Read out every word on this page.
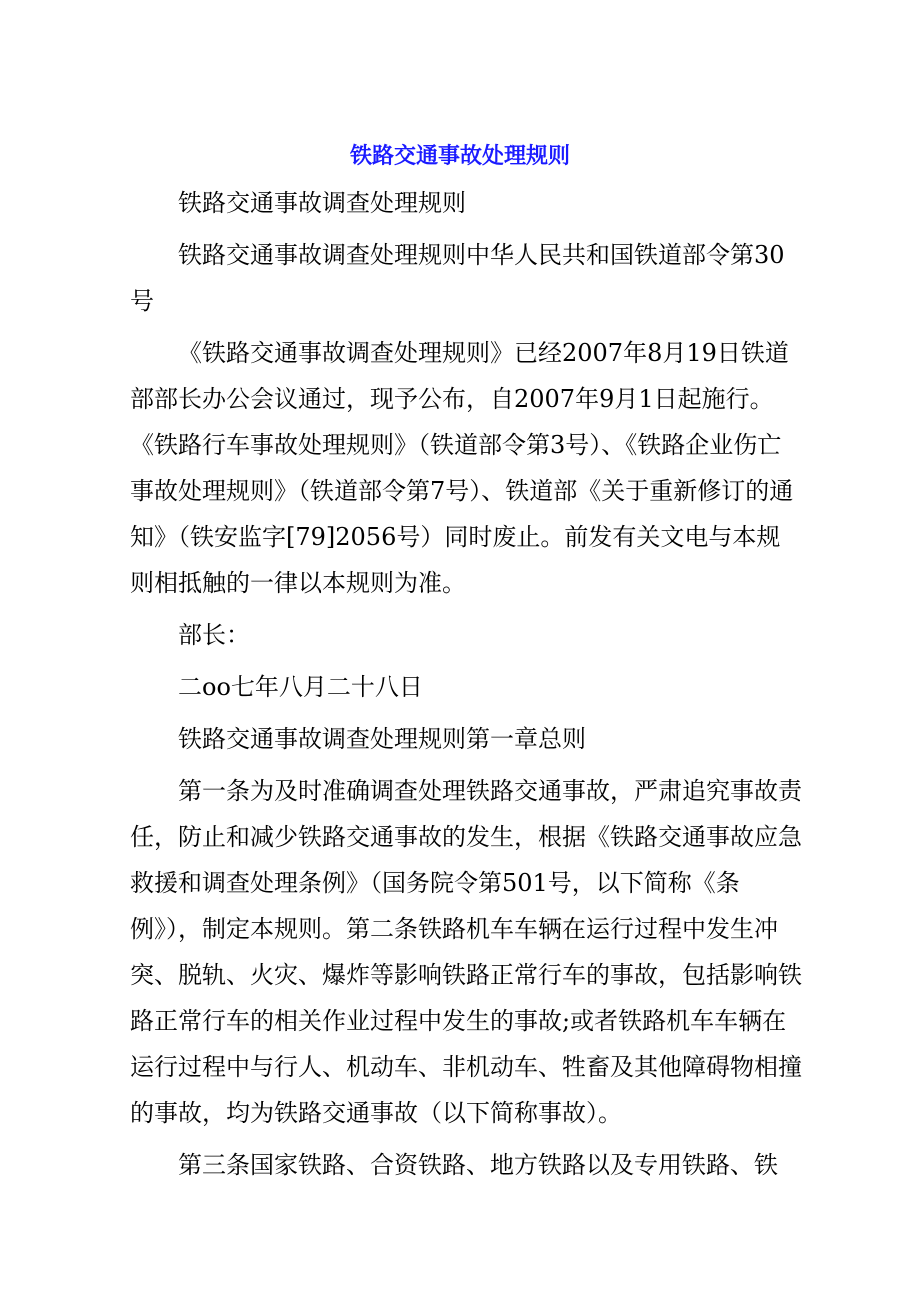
铁路交通事故处理规则

铁路交通事故调查处理规则

铁路交通事故调查处理规则中华人民共和国铁道部令第30号

《铁路交通事故调查处理规则》已经2007年8月19日铁道部部长办公会议通过，现予公布，自2007年9月1日起施行。《铁路行车事故处理规则》（铁道部令第3号）、《铁路企业伤亡事故处理规则》（铁道部令第7号）、铁道部《关于重新修订的通知》（铁安监字[79]2056号）同时废止。前发有关文电与本规则相抵触的一律以本规则为准。

部长：

二oo七年八月二十八日

铁路交通事故调查处理规则第一章总则

第一条为及时准确调查处理铁路交通事故，严肃追究事故责任，防止和减少铁路交通事故的发生，根据《铁路交通事故应急救援和调查处理条例》（国务院令第501号，以下简称《条例》），制定本规则。第二条铁路机车车辆在运行过程中发生冲突、脱轨、火灾、爆炸等影响铁路正常行车的事故，包括影响铁路正常行车的相关作业过程中发生的事故;或者铁路机车车辆在运行过程中与行人、机动车、非机动车、牲畜及其他障碍物相撞的事故，均为铁路交通事故（以下简称事故）。

第三条国家铁路、合资铁路、地方铁路以及专用铁路、铁
